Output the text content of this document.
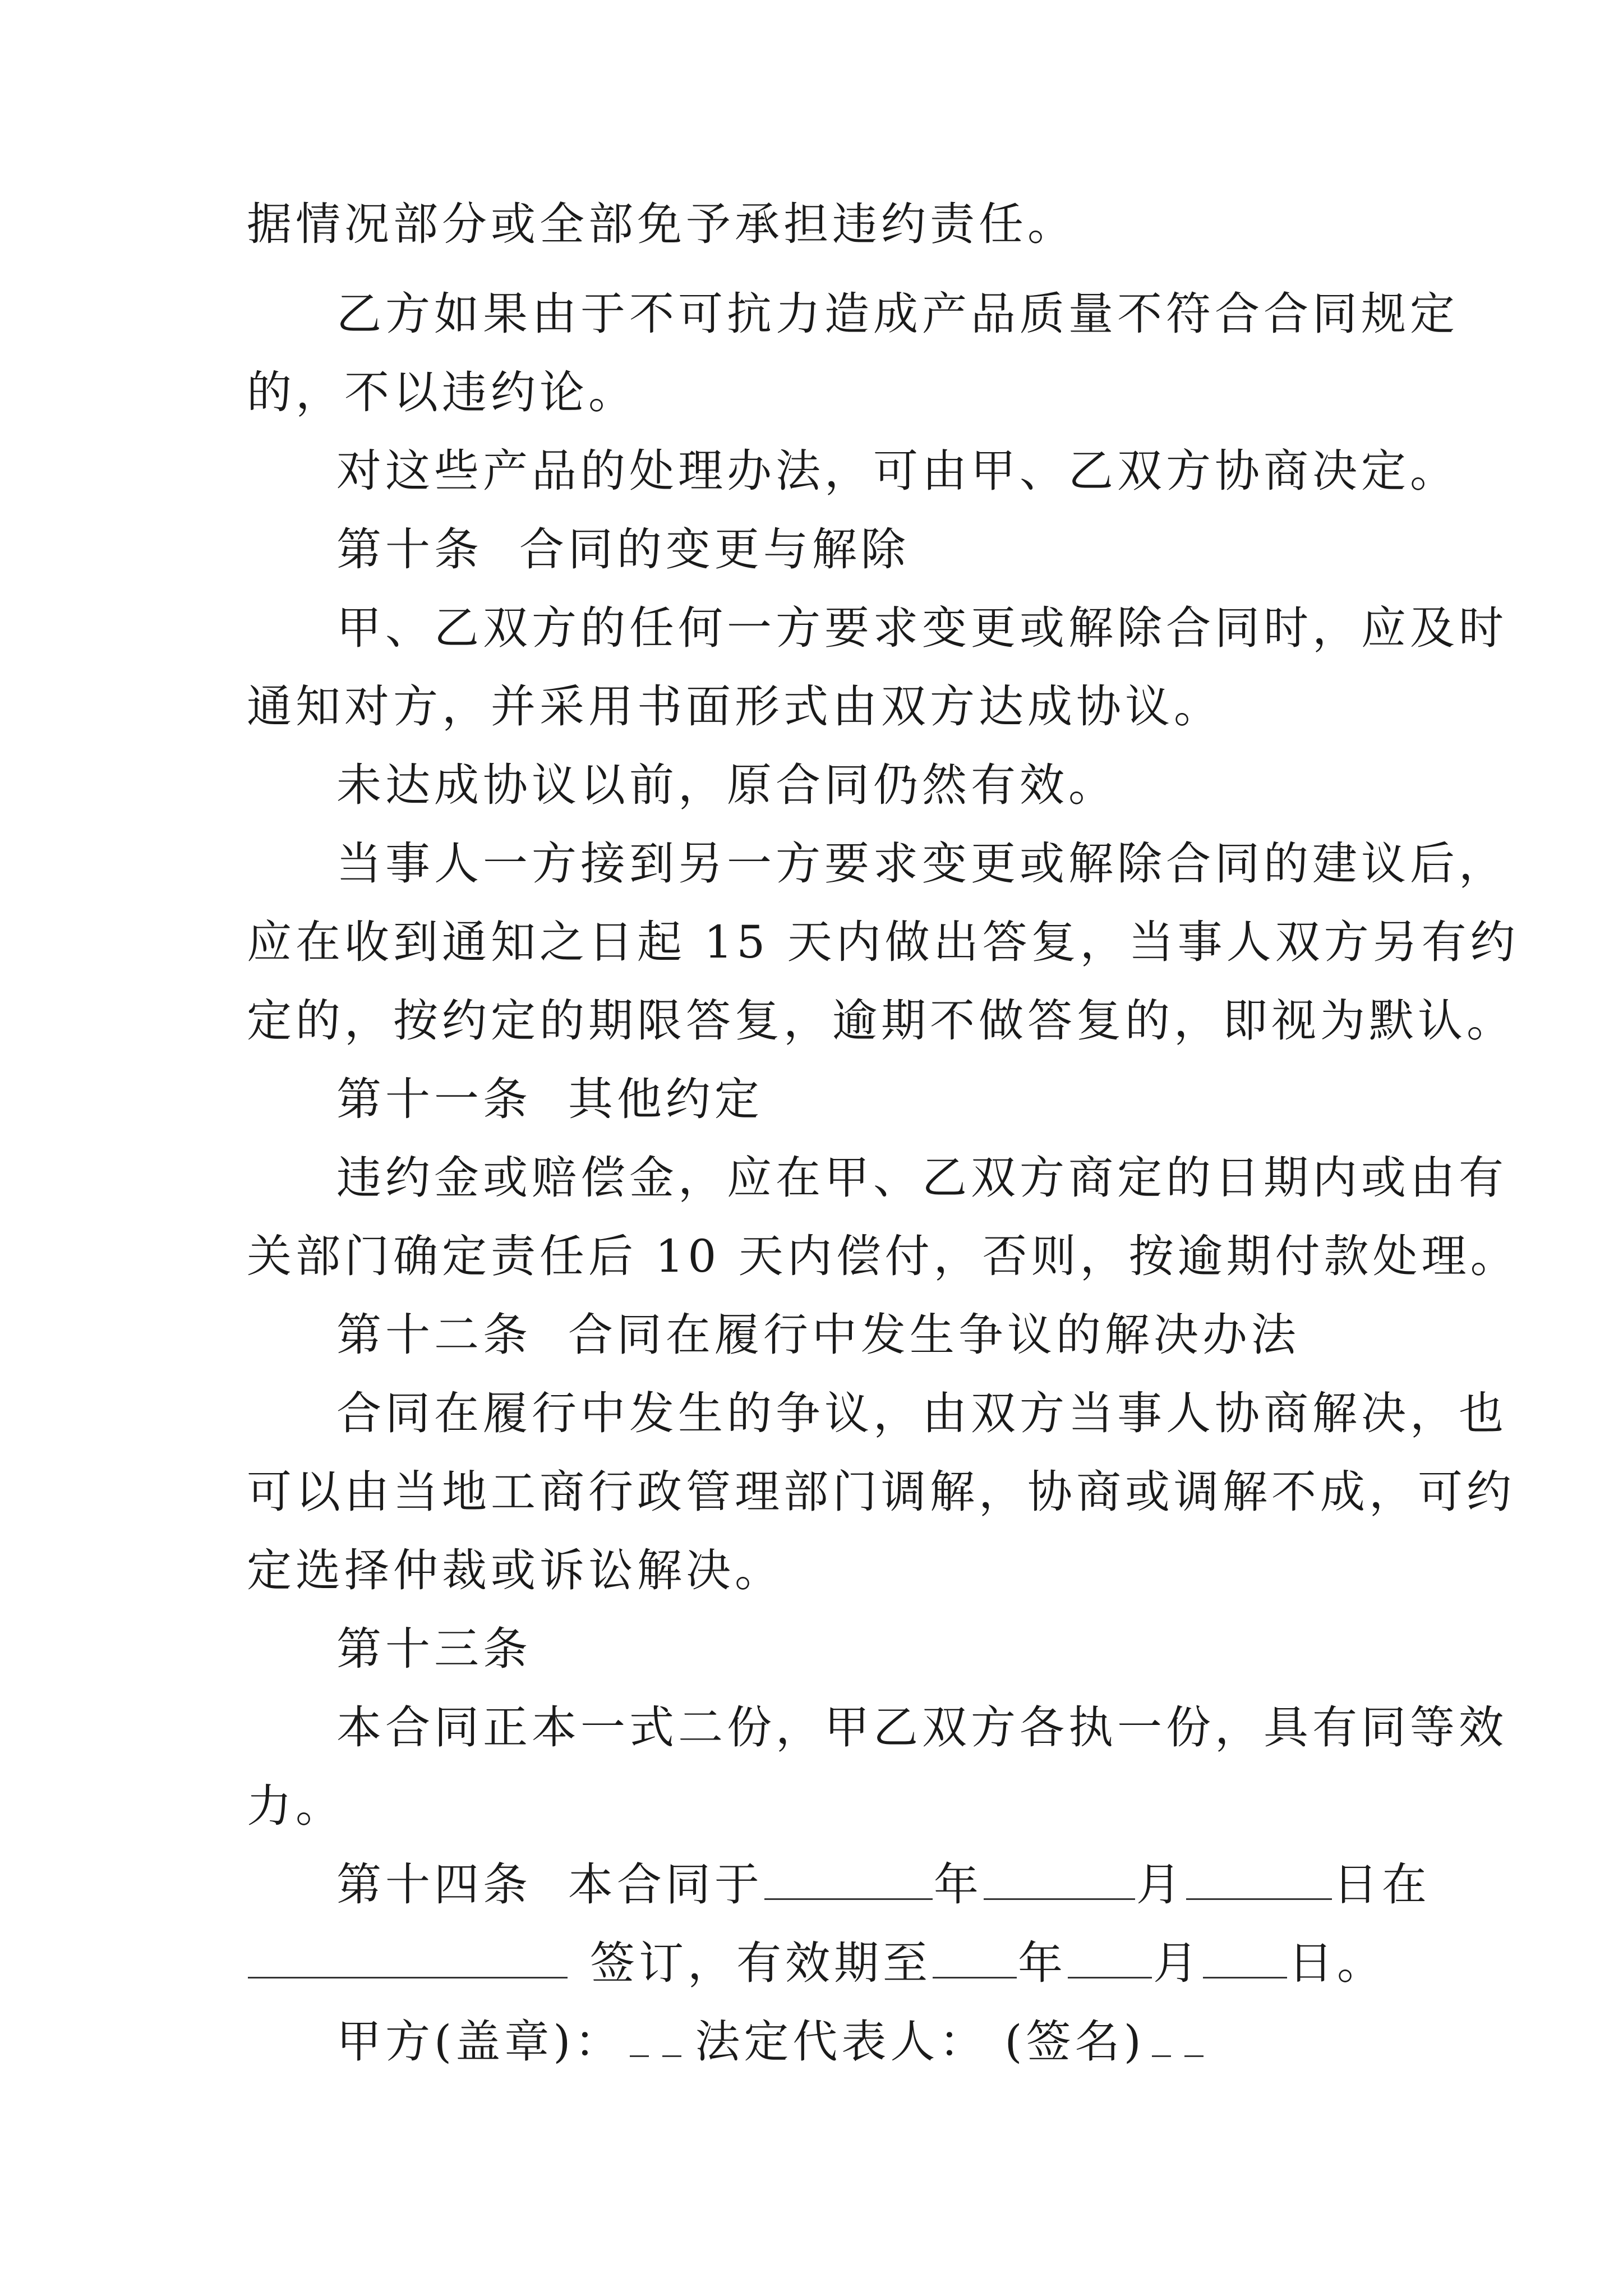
据情况部分或全部免予承担违约责任。
乙方如果由于不可抗力造成产品质量不符合合同规定
的，不以违约论。
对这些产品的处理办法，可由甲、乙双方协商决定。
第十条  合同的变更与解除
甲、乙双方的任何一方要求变更或解除合同时，应及时
通知对方，并采用书面形式由双方达成协议。
未达成协议以前，原合同仍然有效。
当事人一方接到另一方要求变更或解除合同的建议后，
应在收到通知之日起 15 天内做出答复，当事人双方另有约
定的，按约定的期限答复，逾期不做答复的，即视为默认。
第十一条  其他约定
违约金或赔偿金，应在甲、乙双方商定的日期内或由有
关部门确定责任后 10 天内偿付，否则，按逾期付款处理。
第十二条  合同在履行中发生争议的解决办法
合同在履行中发生的争议，由双方当事人协商解决，也
可以由当地工商行政管理部门调解，协商或调解不成，可约
定选择仲裁或诉讼解决。
第十三条
本合同正本一式二份，甲乙双方各执一份，具有同等效
力。
第十四条  本合同于	年	月	日在
签订，有效期至 年 月 日。
甲方(盖章)： 法定代表人： (签名)
